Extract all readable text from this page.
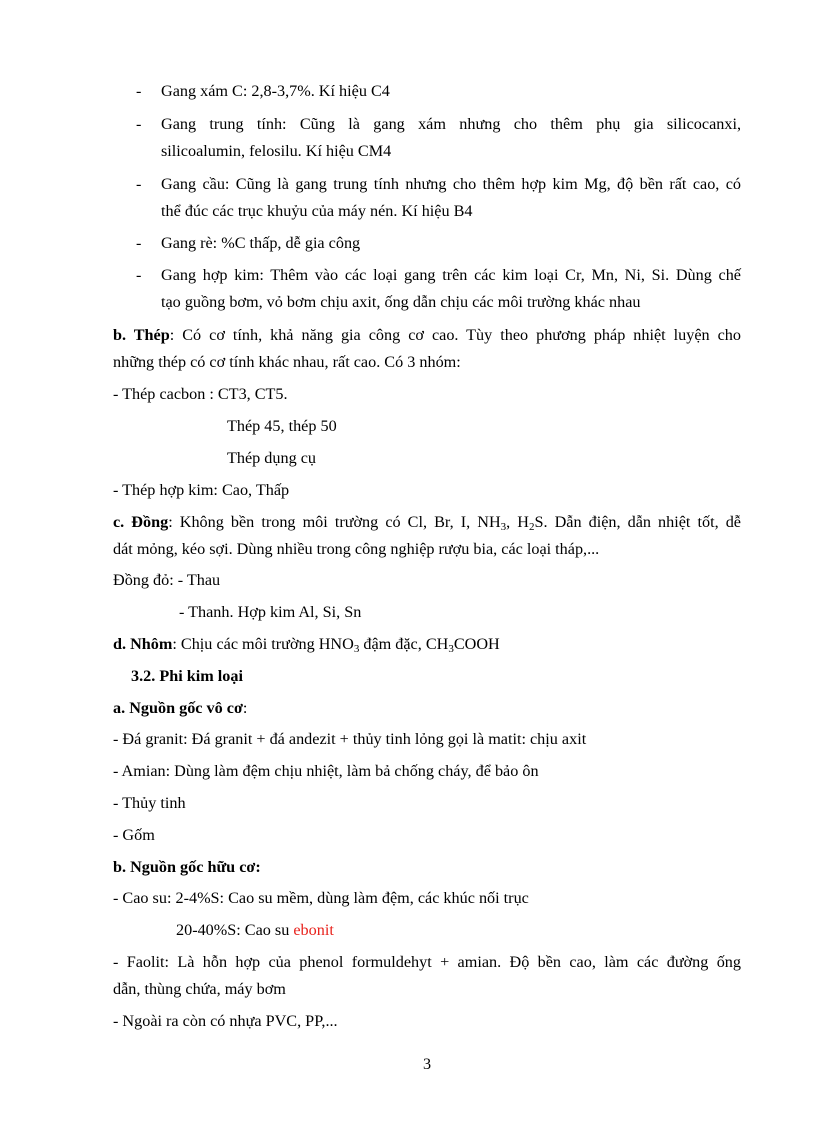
- Gang xám C: 2,8-3,7%. Kí hiệu C4
- Gang trung tính: Cũng là gang xám nhưng cho thêm phụ gia silicocanxi,
silicoalumin, felosilu. Kí hiệu CM4
- Gang cầu: Cũng là gang trung tính nhưng cho thêm hợp kim Mg, độ bền rất cao, có
thể đúc các trục khuỷu của máy nén. Kí hiệu B4
- Gang rè: %C thấp, dễ gia công
- Gang hợp kim: Thêm vào các loại gang trên các kim loại Cr, Mn, Ni, Si. Dùng chế
tạo guồng bơm, vỏ bơm chịu axit, ống dẫn chịu các môi trường khác nhau
b. Thép: Có cơ tính, khả năng gia công cơ cao. Tùy theo phương pháp nhiệt luyện cho
những thép có cơ tính khác nhau, rất cao. Có 3 nhóm:
- Thép cacbon : CT3, CT5.
Thép 45, thép 50
Thép dụng cụ
- Thép hợp kim: Cao, Thấp
c. Đồng: Không bền trong môi trường có Cl, Br, I, $NH_3$, $H_2S$. Dẫn điện, dẫn nhiệt tốt, dễ
dát mỏng, kéo sợi. Dùng nhiều trong công nghiệp rượu bia, các loại tháp,...
Đồng đỏ: - Thau
- Thanh. Hợp kim Al, Si, Sn
d. Nhôm: Chịu các môi trường $HNO_3$ đậm đặc, $CH_3COOH$
3.2. Phi kim loại
a. Nguồn gốc vô cơ:
- Đá granit: Đá granit + đá andezit + thủy tinh lỏng gọi là matit: chịu axit
- Amian: Dùng làm đệm chịu nhiệt, làm bả chống cháy, để bảo ôn
- Thủy tinh
- Gốm
b. Nguồn gốc hữu cơ:
- Cao su: 2-4%S: Cao su mềm, dùng làm đệm, các khúc nối trục
20-40%S: Cao su ebonit
- Faolit: Là hỗn hợp của phenol formuldehyt + amian. Độ bền cao, làm các đường ống
dẫn, thùng chứa, máy bơm
- Ngoài ra còn có nhựa PVC, PP,...
3
